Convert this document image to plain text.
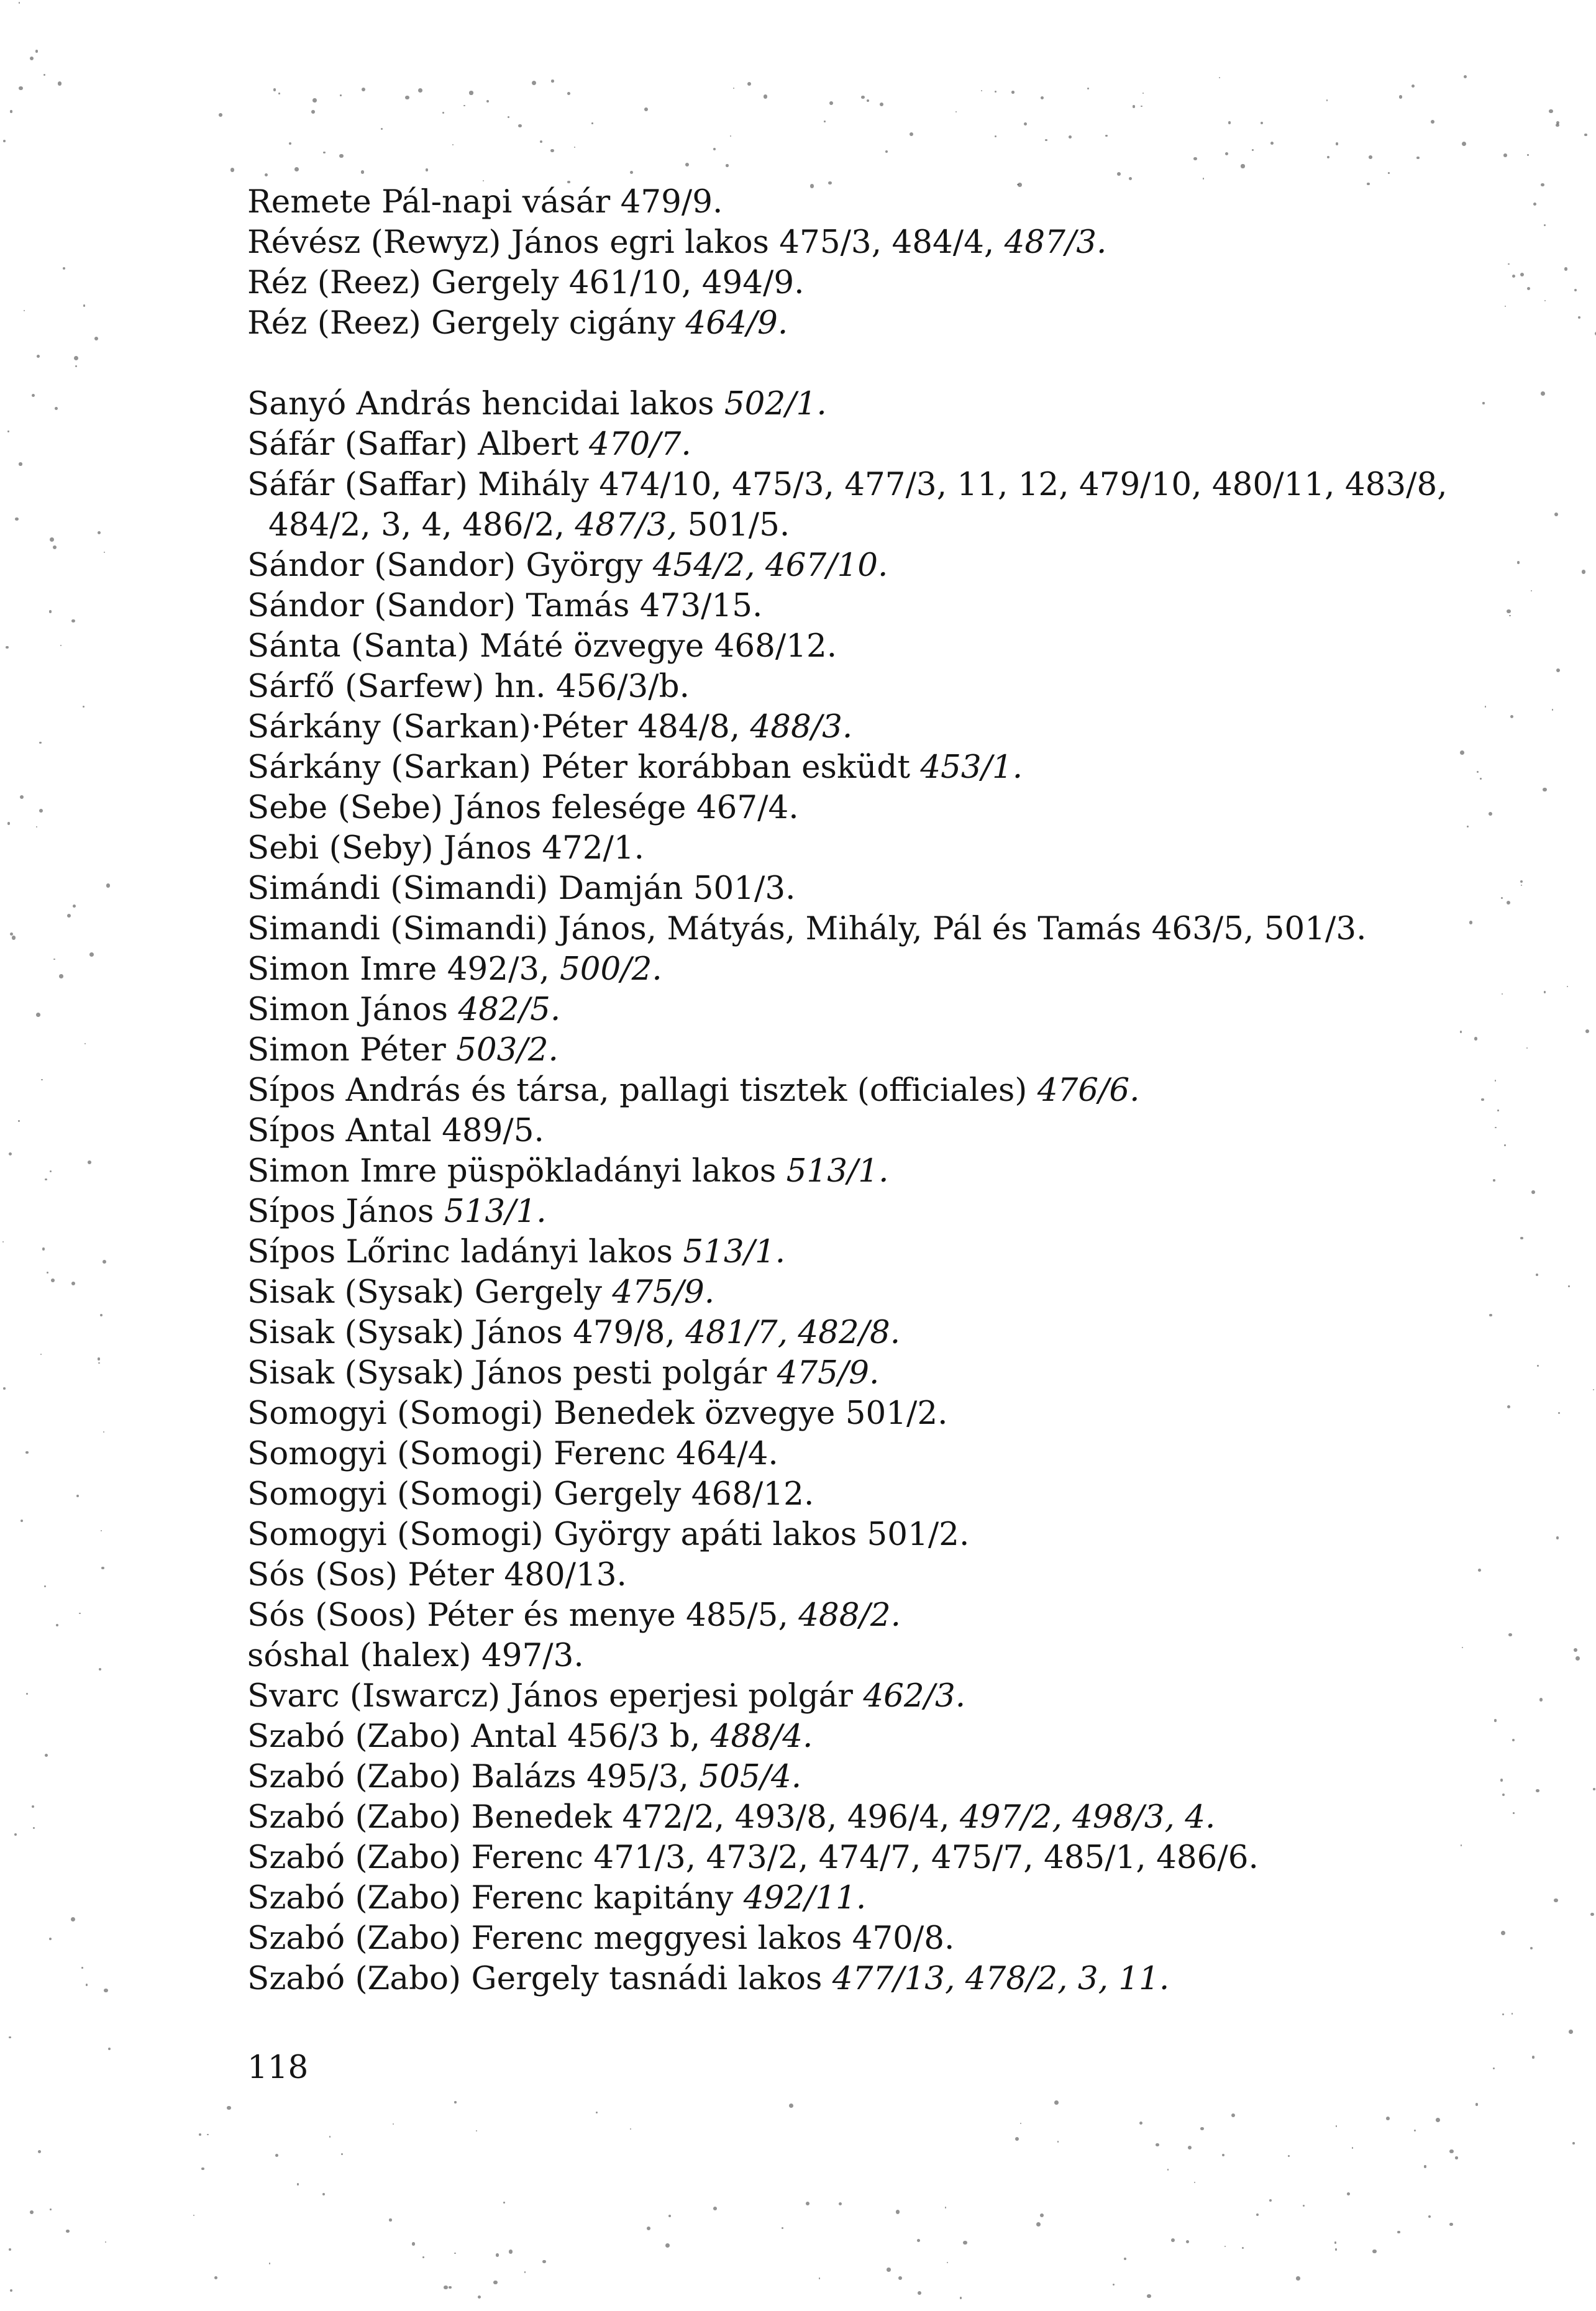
Remete Pál-napi vásár 479/9.
Révész (Rewyz) János egri lakos 475/3, 484/4, 487/3.
Réz (Reez) Gergely 461/10, 494/9.
Réz (Reez) Gergely cigány 464/9.
Sanyó András hencidai lakos 502/1.
Sáfár (Saffar) Albert 470/7.
Sáfár (Saffar) Mihály 474/10, 475/3, 477/3, 11, 12, 479/10, 480/11, 483/8,
484/2, 3, 4, 486/2, 487/3, 501/5.
Sándor (Sandor) György 454/2, 467/10.
Sándor (Sandor) Tamás 473/15.
Sánta (Santa) Máté özvegye 468/12.
Sárfő (Sarfew) hn. 456/3/b.
Sárkány (Sarkan)·Péter 484/8, 488/3.
Sárkány (Sarkan) Péter korábban esküdt 453/1.
Sebe (Sebe) János felesége 467/4.
Sebi (Seby) János 472/1.
Simándi (Simandi) Damján 501/3.
Simandi (Simandi) János, Mátyás, Mihály, Pál és Tamás 463/5, 501/3.
Simon Imre 492/3, 500/2.
Simon János 482/5.
Simon Péter 503/2.
Sípos András és társa, pallagi tisztek (officiales) 476/6.
Sípos Antal 489/5.
Simon Imre püspökladányi lakos 513/1.
Sípos János 513/1.
Sípos Lőrinc ladányi lakos 513/1.
Sisak (Sysak) Gergely 475/9.
Sisak (Sysak) János 479/8, 481/7, 482/8.
Sisak (Sysak) János pesti polgár 475/9.
Somogyi (Somogi) Benedek özvegye 501/2.
Somogyi (Somogi) Ferenc 464/4.
Somogyi (Somogi) Gergely 468/12.
Somogyi (Somogi) György apáti lakos 501/2.
Sós (Sos) Péter 480/13.
Sós (Soos) Péter és menye 485/5, 488/2.
sóshal (halex) 497/3.
Svarc (Iswarcz) János eperjesi polgár 462/3.
Szabó (Zabo) Antal 456/3 b, 488/4.
Szabó (Zabo) Balázs 495/3, 505/4.
Szabó (Zabo) Benedek 472/2, 493/8, 496/4, 497/2, 498/3, 4.
Szabó (Zabo) Ferenc 471/3, 473/2, 474/7, 475/7, 485/1, 486/6.
Szabó (Zabo) Ferenc kapitány 492/11.
Szabó (Zabo) Ferenc meggyesi lakos 470/8.
Szabó (Zabo) Gergely tasnádi lakos 477/13, 478/2, 3, 11.
118
